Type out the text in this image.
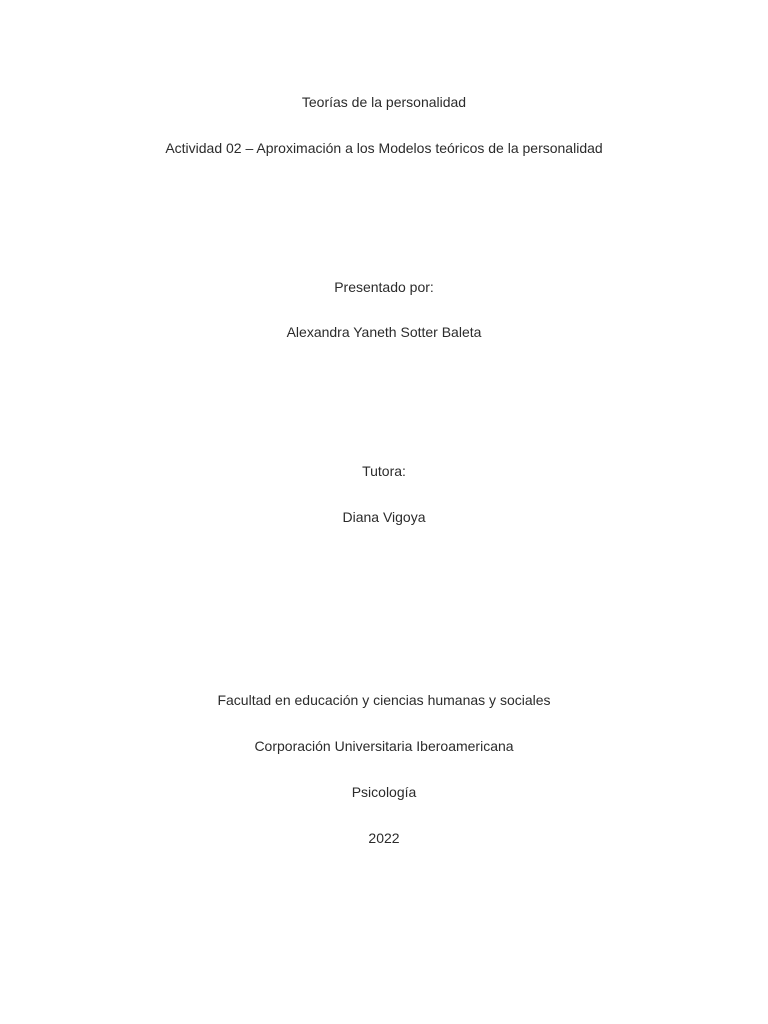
Teorías de la personalidad
Actividad 02 – Aproximación a los Modelos teóricos de la personalidad
Presentado por:
Alexandra Yaneth Sotter Baleta
Tutora:
Diana Vigoya
Facultad en educación y ciencias humanas y sociales
Corporación Universitaria Iberoamericana
Psicología
2022
